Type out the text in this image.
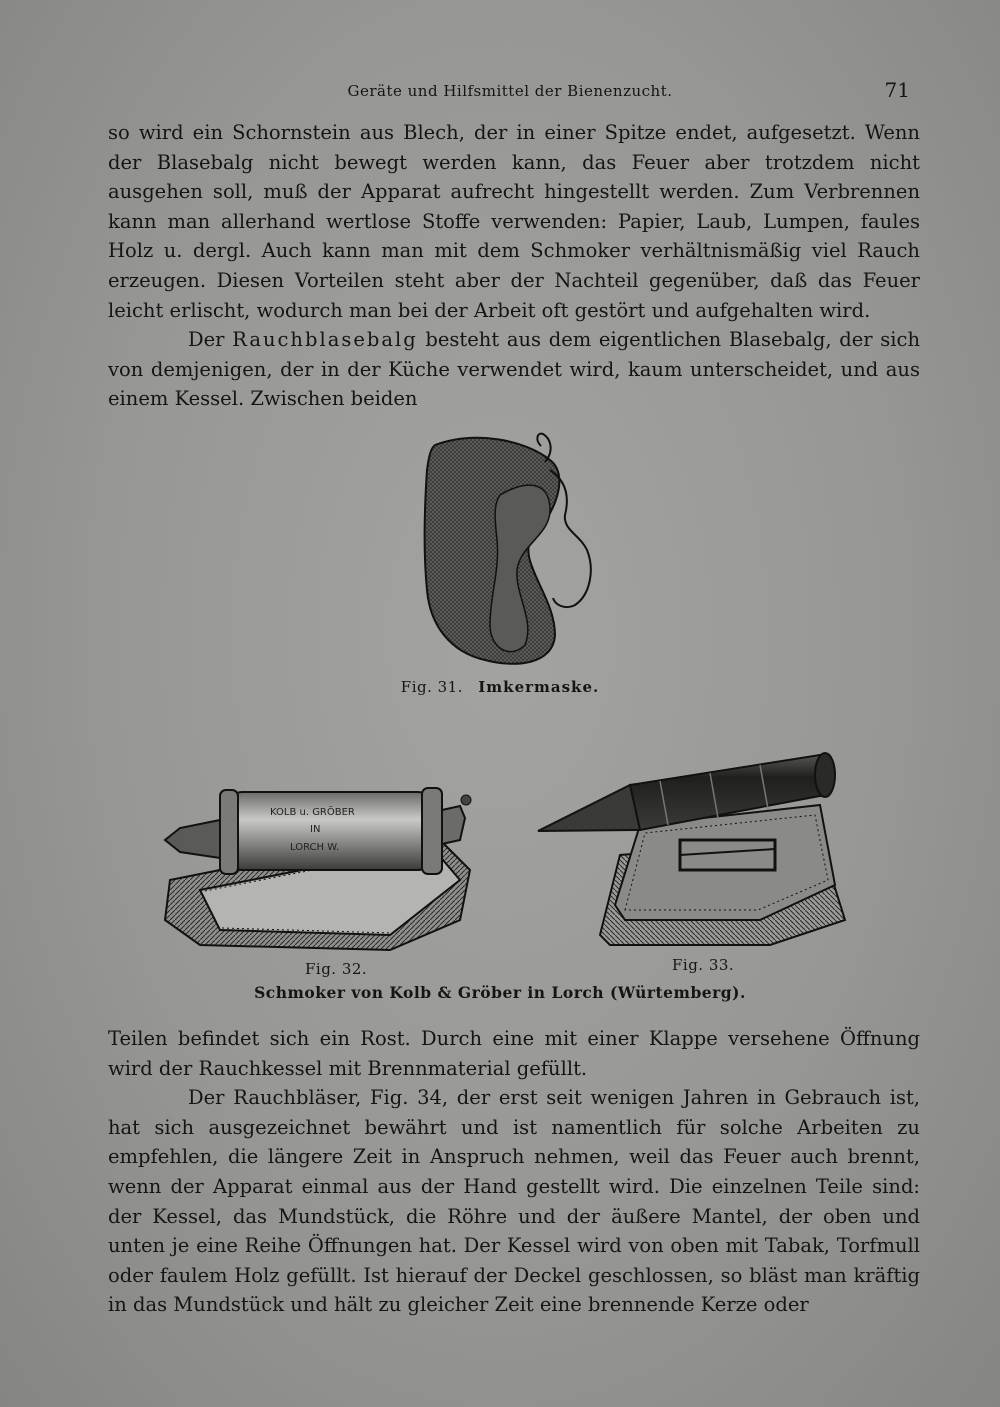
Geräte und Hilfsmittel der Bienenzucht.	71

so wird ein Schornstein aus Blech, der in einer Spitze endet, aufgesetzt. Wenn der Blasebalg nicht bewegt werden kann, das Feuer aber trotzdem nicht ausgehen soll, muß der Apparat aufrecht hingestellt werden. Zum Verbrennen kann man allerhand wertlose Stoffe verwenden: Papier, Laub, Lumpen, faules Holz u. dergl. Auch kann man mit dem Schmoker verhältnismäßig viel Rauch erzeugen. Diesen Vorteilen steht aber der Nachteil gegenüber, daß das Feuer leicht erlischt, wodurch man bei der Arbeit oft gestört und aufgehalten wird.

Der Rauchblasebalg besteht aus dem eigentlichen Blasebalg, der sich von demjenigen, der in der Küche verwendet wird, kaum unterscheidet, und aus einem Kessel. Zwischen beiden

Fig. 31. Imkermaske.
KOLB u. GRÖBER
IN
LORCH W.
Fig. 32.	Fig. 33.
Schmoker von Kolb & Gröber in Lorch (Würtemberg).

Teilen befindet sich ein Rost. Durch eine mit einer Klappe versehene Öffnung wird der Rauchkessel mit Brennmaterial gefüllt.

Der Rauchbläser, Fig. 34, der erst seit wenigen Jahren in Gebrauch ist, hat sich ausgezeichnet bewährt und ist namentlich für solche Arbeiten zu empfehlen, die längere Zeit in Anspruch nehmen, weil das Feuer auch brennt, wenn der Apparat einmal aus der Hand gestellt wird. Die einzelnen Teile sind: der Kessel, das Mundstück, die Röhre und der äußere Mantel, der oben und unten je eine Reihe Öffnungen hat. Der Kessel wird von oben mit Tabak, Torfmull oder faulem Holz gefüllt. Ist hierauf der Deckel geschlossen, so bläst man kräftig in das Mundstück und hält zu gleicher Zeit eine brennende Kerze oder
